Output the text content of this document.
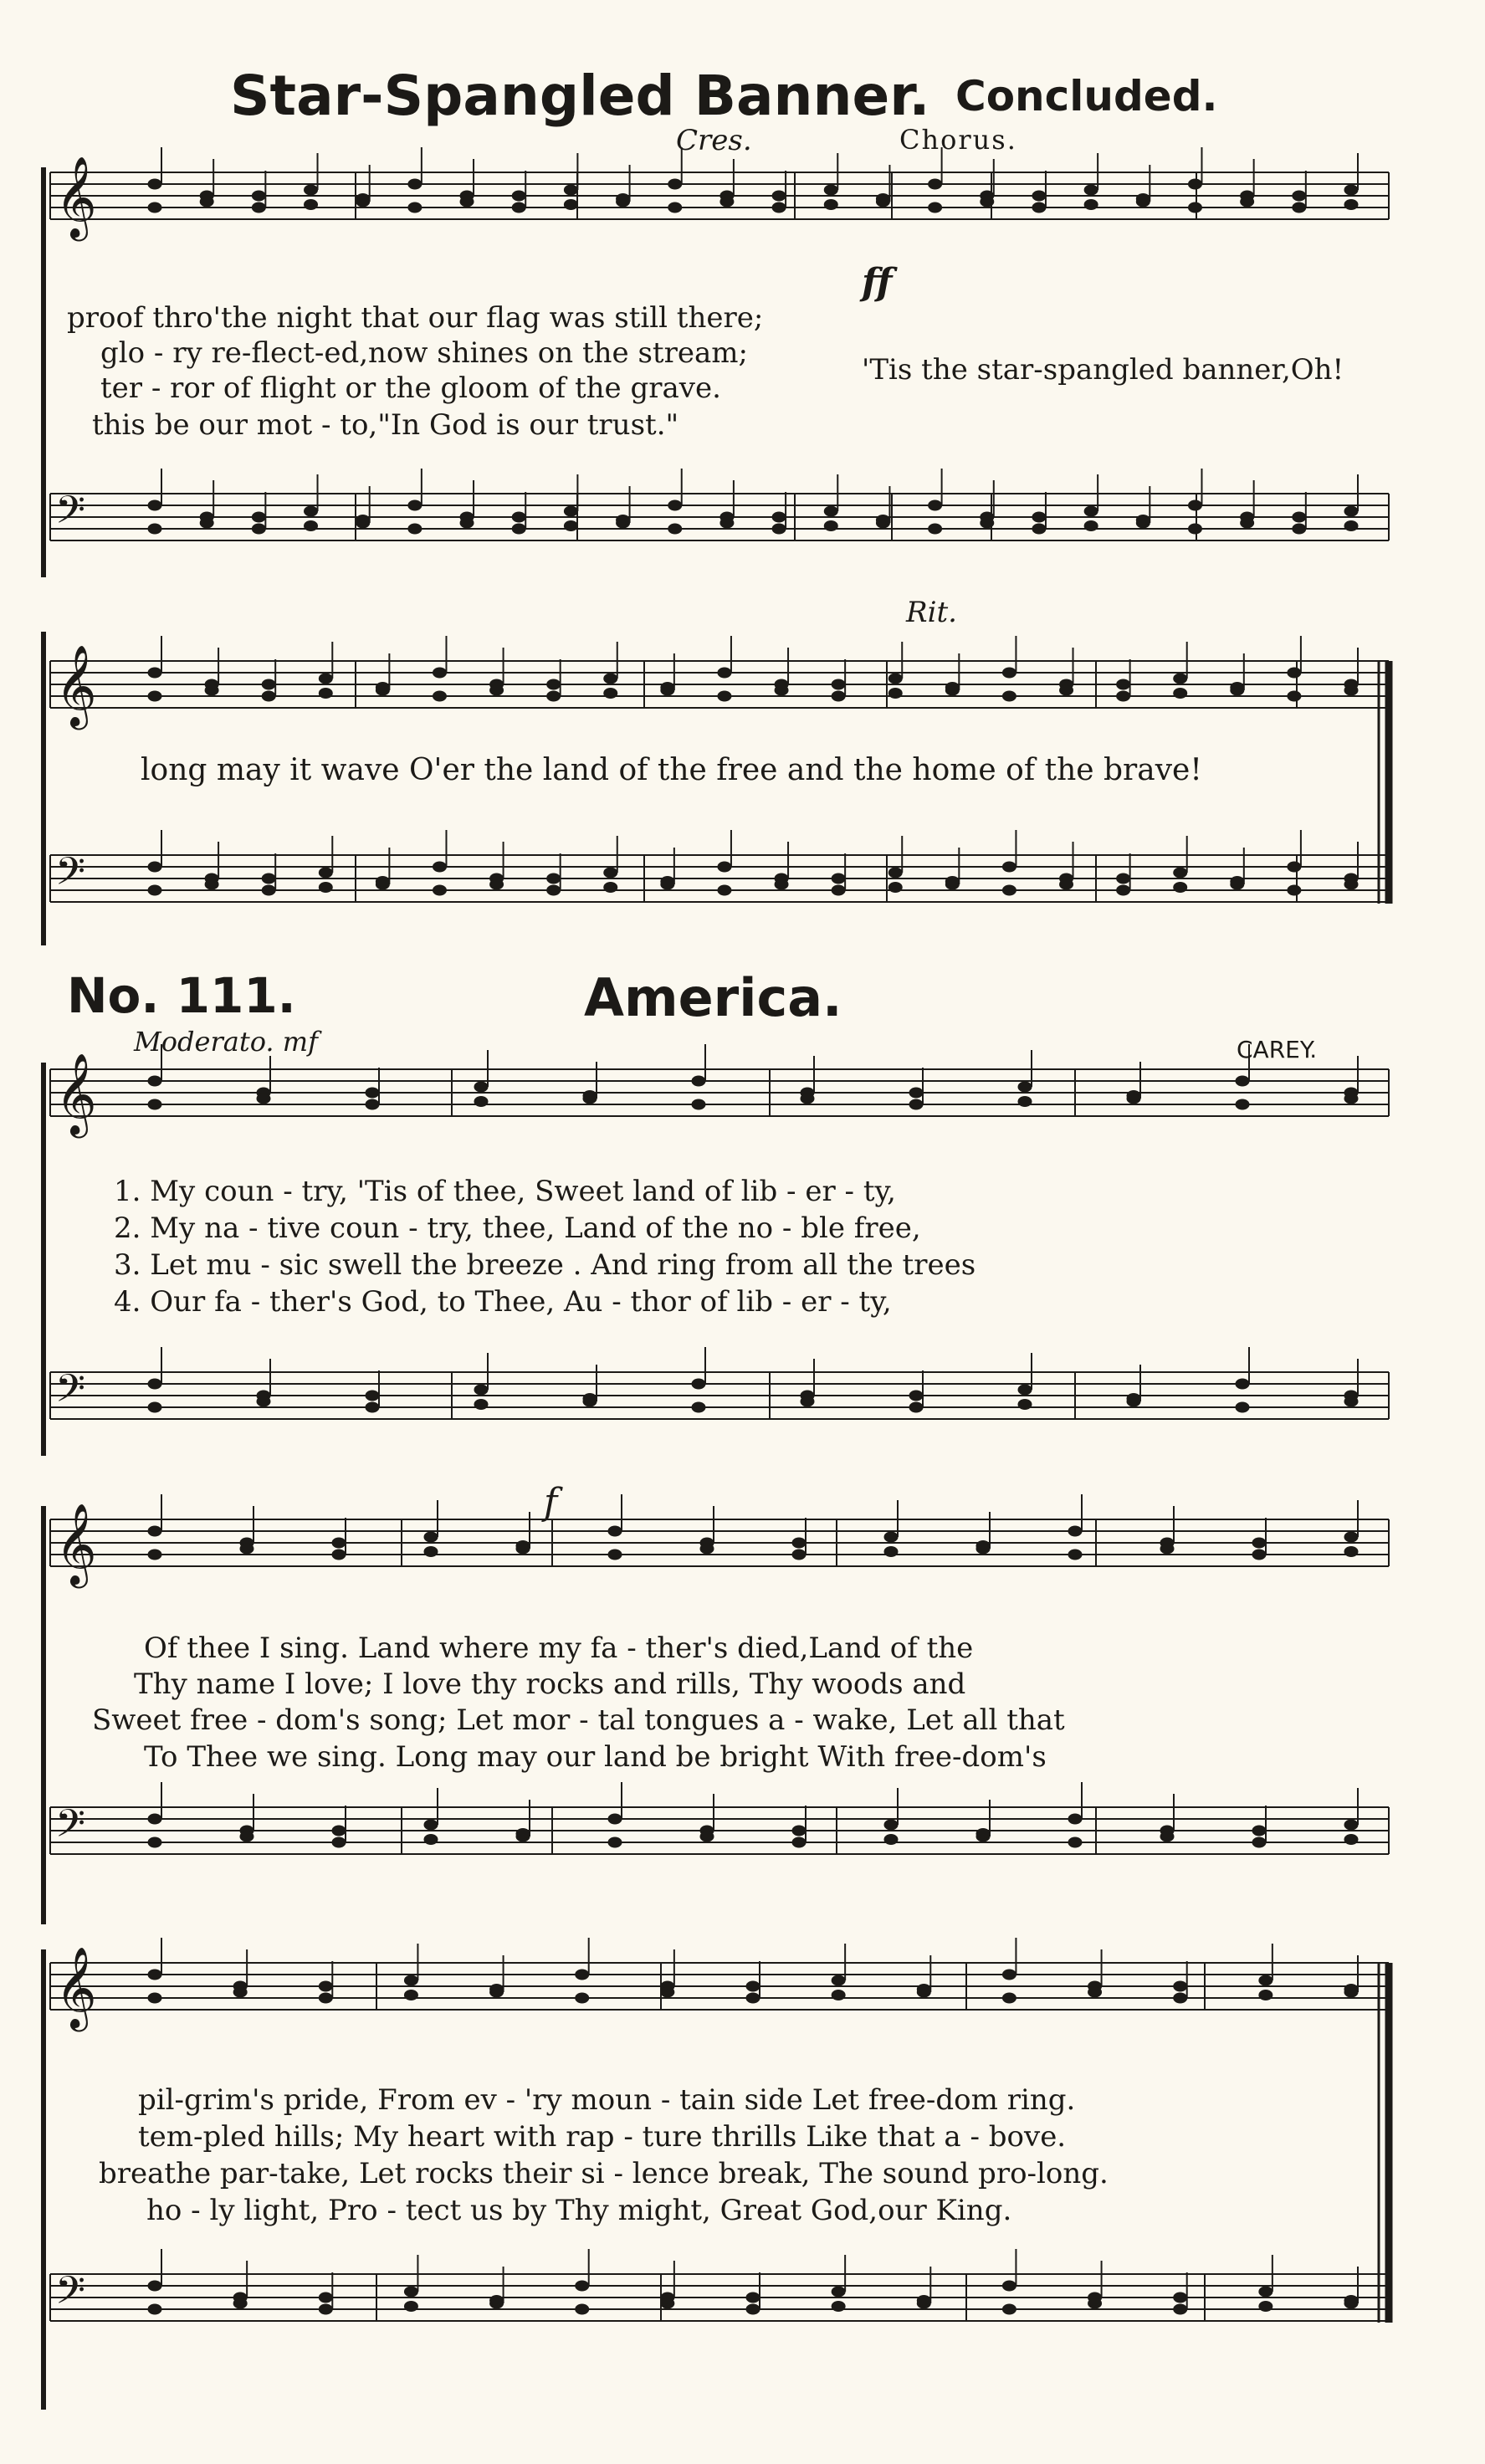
𝄞
𝄢
𝄞
𝄢
𝄞
𝄢
𝄞
𝄢
𝄞
𝄢
Star-Spangled Banner. Concluded.
Cres.	Chorus.
ff
proof thro'the night that our flag was still there;
glo - ry re-flect-ed,now shines on the stream;
ter - ror of flight or the gloom of the grave.
this be our mot - to,"In God is our trust."
'Tis the star-spangled banner,Oh!
Rit.
long may it wave O'er the land of the free and the home of the brave!
No. 111.	America.
Moderato. mf	CAREY.
f
1. My coun - try, 'Tis of thee, Sweet land of lib - er - ty,
2. My na - tive coun - try, thee, Land of the no - ble free,
3. Let mu - sic swell the breeze . And ring from all the trees
4. Our fa - ther's God, to Thee, Au - thor of lib - er - ty,
Of thee I sing. Land where my fa - ther's died,Land of the
Thy name I love; I love thy rocks and rills, Thy woods and
Sweet free - dom's song; Let mor - tal tongues a - wake, Let all that
To Thee we sing. Long may our land be bright With free-dom's
pil-grim's pride, From ev - 'ry moun - tain side Let free-dom ring.
tem-pled hills; My heart with rap - ture thrills Like that a - bove.
breathe par-take, Let rocks their si - lence break, The sound pro-long.
ho - ly light, Pro - tect us by Thy might, Great God,our King.
